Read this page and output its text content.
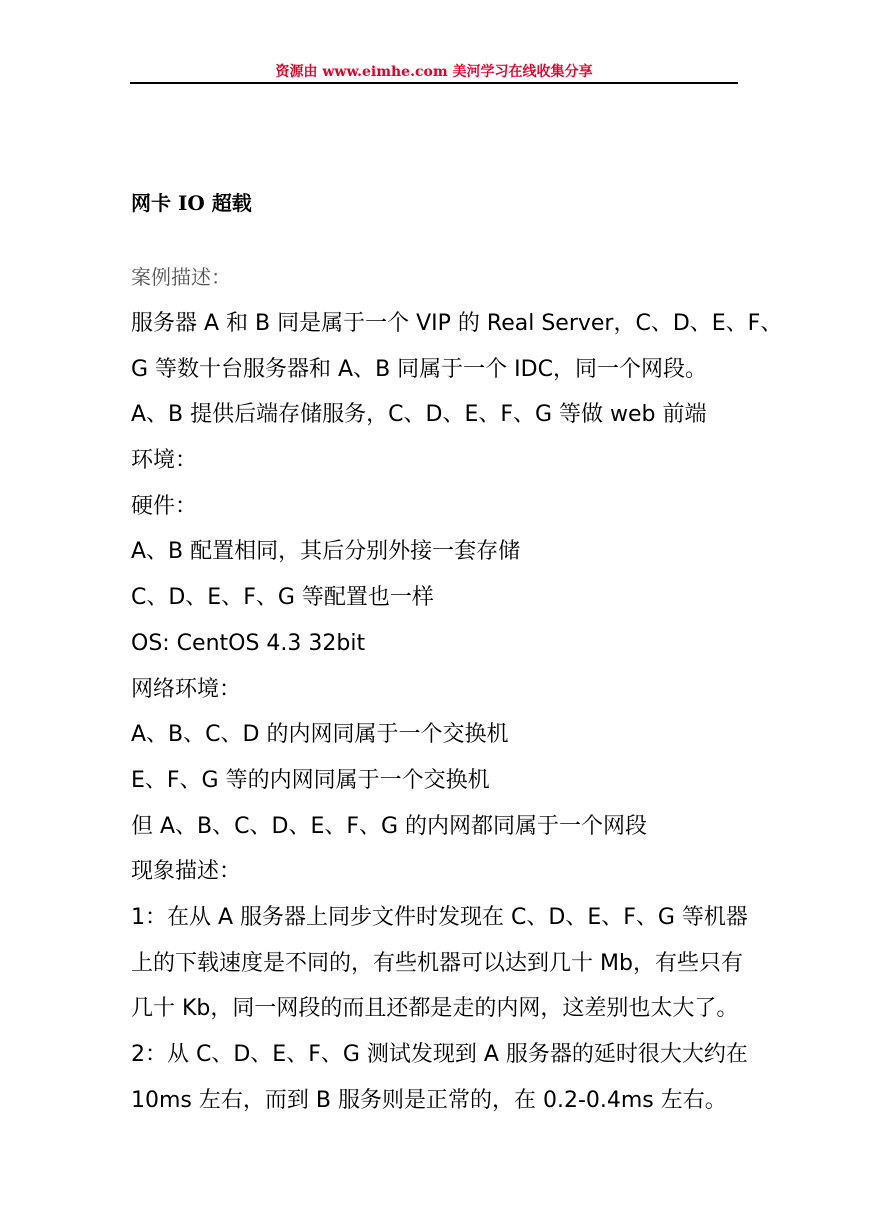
资源由 www.eimhe.com 美河学习在线收集分享
网卡 IO 超载
案例描述：
服务器 A 和 B 同是属于一个 VIP 的 Real Server，C、D、E、F、
G 等数十台服务器和 A、B 同属于一个 IDC，同一个网段。
A、B 提供后端存储服务，C、D、E、F、G 等做 web 前端
环境：
硬件：
A、B 配置相同，其后分别外接一套存储
C、D、E、F、G 等配置也一样
OS: CentOS 4.3 32bit
网络环境：
A、B、C、D 的内网同属于一个交换机
E、F、G 等的内网同属于一个交换机
但 A、B、C、D、E、F、G 的内网都同属于一个网段
现象描述：
1：在从 A 服务器上同步文件时发现在 C、D、E、F、G 等机器
上的下载速度是不同的，有些机器可以达到几十 Mb，有些只有
几十 Kb，同一网段的而且还都是走的内网，这差别也太大了。
2：从 C、D、E、F、G 测试发现到 A 服务器的延时很大大约在
10ms 左右，而到 B 服务则是正常的，在 0.2-0.4ms 左右。
